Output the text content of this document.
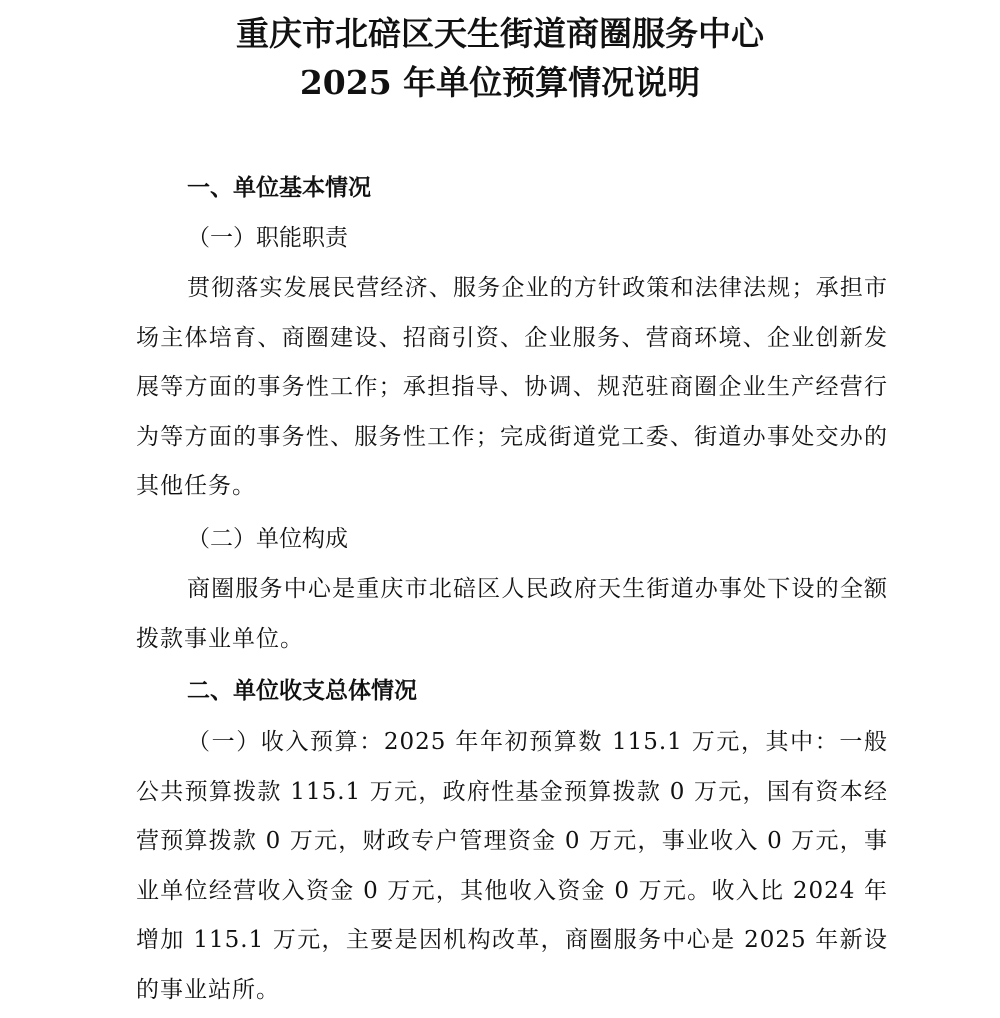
重庆市北碚区天生街道商圈服务中心
2025 年单位预算情况说明
一、单位基本情况
（一）职能职责

贯彻落实发展民营经济、服务企业的方针政策和法律法规；承担市场主体培育、商圈建设、招商引资、企业服务、营商环境、企业创新发展等方面的事务性工作；承担指导、协调、规范驻商圈企业生产经营行为等方面的事务性、服务性工作；完成街道党工委、街道办事处交办的其他任务。

（二）单位构成

商圈服务中心是重庆市北碚区人民政府天生街道办事处下设的全额拨款事业单位。

二、单位收支总体情况

（一）收入预算：2025 年年初预算数 115.1 万元，其中：一般公共预算拨款 115.1 万元，政府性基金预算拨款 0 万元，国有资本经营预算拨款 0 万元，财政专户管理资金 0 万元，事业收入 0 万元，事业单位经营收入资金 0 万元，其他收入资金 0 万元。收入比 2024 年增加 115.1 万元，主要是因机构改革，商圈服务中心是 2025 年新设的事业站所。
